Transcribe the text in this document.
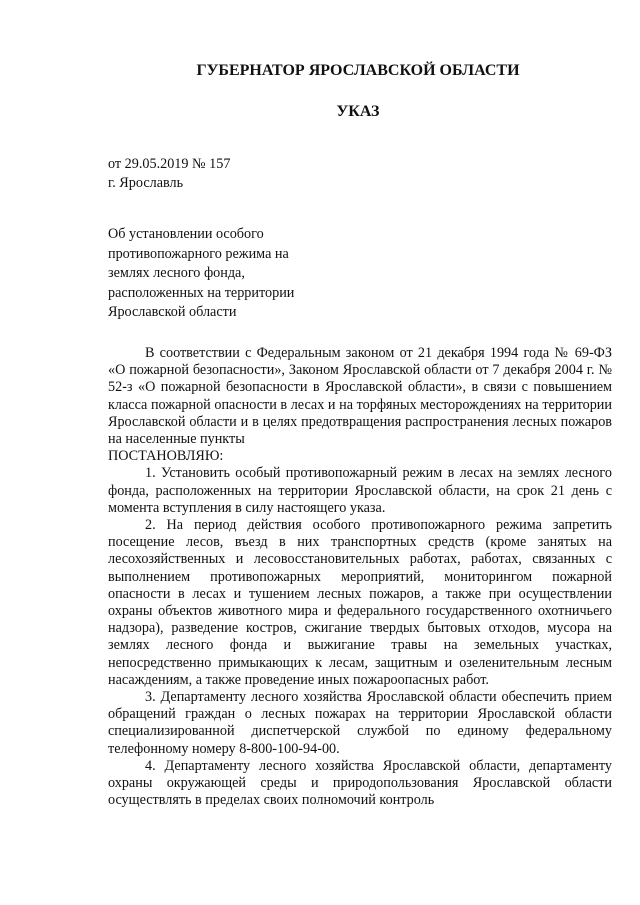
ГУБЕРНАТОР ЯРОСЛАВСКОЙ ОБЛАСТИ
УКАЗ
от 29.05.2019 № 157
г. Ярославль
Об установлении особого
противопожарного режима на
землях лесного фонда,
расположенных на территории
Ярославской области

В соответствии с Федеральным законом от 21 декабря 1994 года № 69-ФЗ «О пожарной безопасности», Законом Ярославской области от 7 декабря 2004 г. № 52-з «О пожарной безопасности в Ярославской области», в связи с повышением класса пожарной опасности в лесах и на торфяных месторождениях на территории Ярославской области и в целях предотвращения распространения лесных пожаров на населенные пункты

ПОСТАНОВЛЯЮ:

1. Установить особый противопожарный режим в лесах на землях лесного фонда, расположенных на территории Ярославской области, на срок 21 день с момента вступления в силу настоящего указа.

2. На период действия особого противопожарного режима запретить посещение лесов, въезд в них транспортных средств (кроме занятых на лесохозяйственных и лесовосстановительных работах, работах, связанных с выполнением противопожарных мероприятий, мониторингом пожарной опасности в лесах и тушением лесных пожаров, а также при осуществлении охраны объектов животного мира и федерального государственного охотничьего надзора), разведение костров, сжигание твердых бытовых отходов, мусора на землях лесного фонда и выжигание травы на земельных участках, непосредственно примыкающих к лесам, защитным и озеленительным лесным насаждениям, а также проведение иных пожароопасных работ.

3. Департаменту лесного хозяйства Ярославской области обеспечить прием обращений граждан о лесных пожарах на территории Ярославской области специализированной диспетчерской службой по единому федеральному телефонному номеру 8-800-100-94-00.

4. Департаменту лесного хозяйства Ярославской области, департаменту охраны окружающей среды и природопользования Ярославской области осуществлять в пределах своих полномочий контроль
